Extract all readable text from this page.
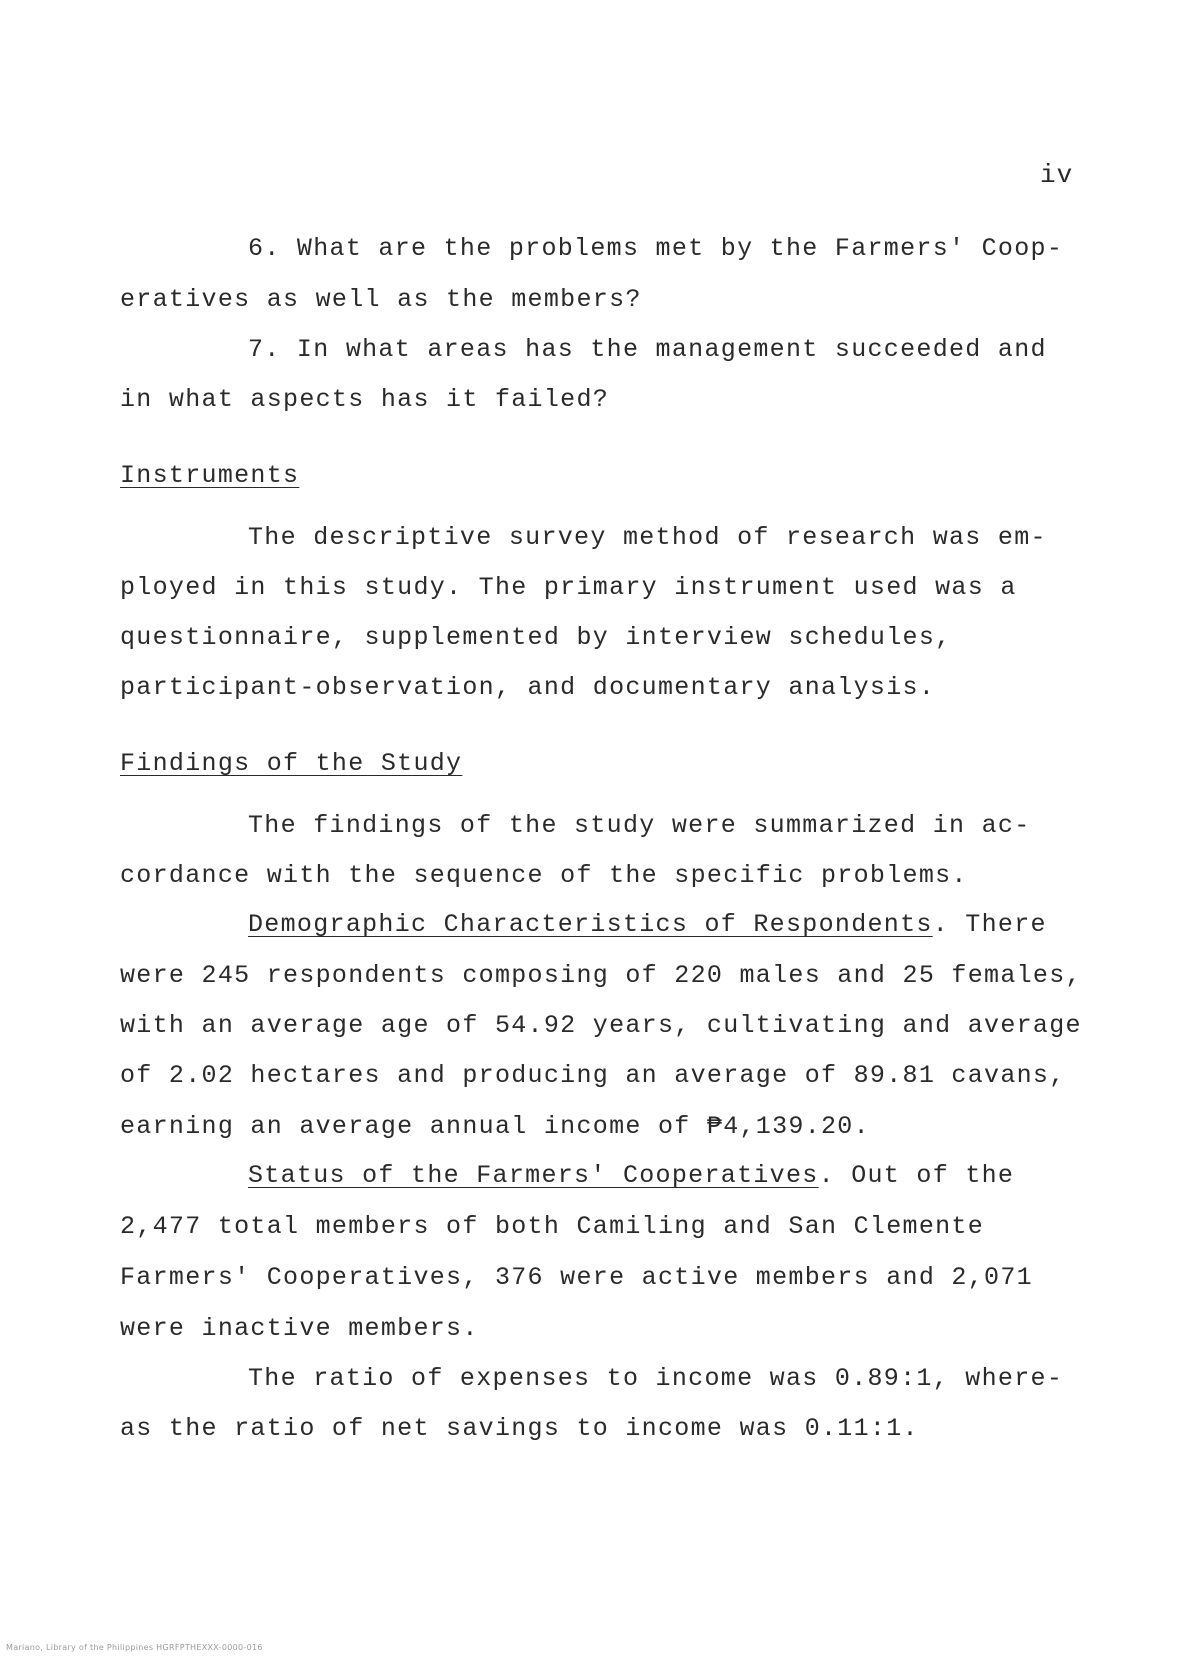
iv
6. What are the problems met by the Farmers' Coop-
eratives as well as the members?
7. In what areas has the management succeeded and
in what aspects has it failed?
Instruments
The descriptive survey method of research was em-
ployed in this study. The primary instrument used was a
questionnaire, supplemented by interview schedules,
participant-observation, and documentary analysis.
Findings of the Study
The findings of the study were summarized in ac-
cordance with the sequence of the specific problems.
Demographic Characteristics of Respondents. There
were 245 respondents composing of 220 males and 25 females,
with an average age of 54.92 years, cultivating and average
of 2.02 hectares and producing an average of 89.81 cavans,
earning an average annual income of ₱4,139.20.
Status of the Farmers' Cooperatives. Out of the
2,477 total members of both Camiling and San Clemente
Farmers' Cooperatives, 376 were active members and 2,071
were inactive members.
The ratio of expenses to income was 0.89:1, where-
as the ratio of net savings to income was 0.11:1.
Mariano, Library of the Philippines HGRFPTHEXXX-0000-016
